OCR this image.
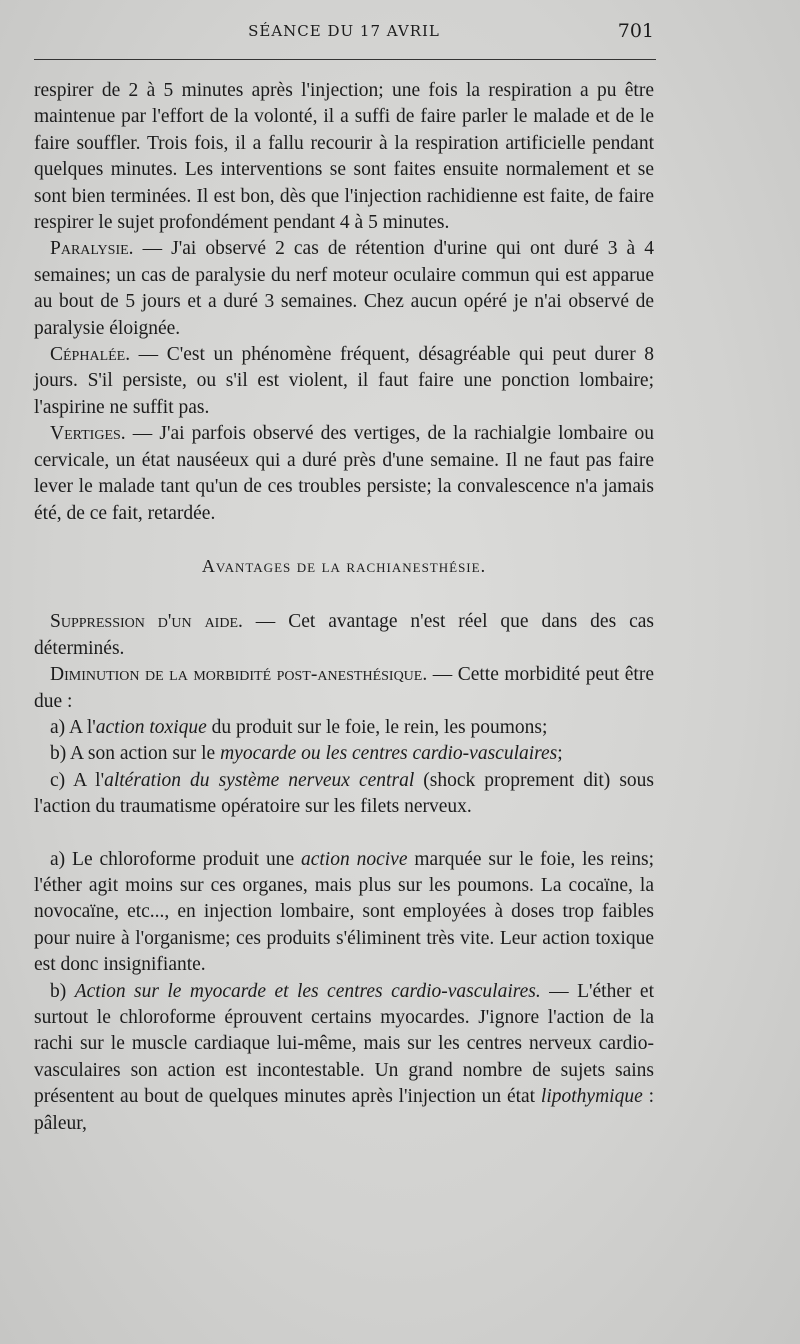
SÉANCE DU 17 AVRIL	701

respirer de 2 à 5 minutes après l'injection; une fois la respiration a pu être maintenue par l'effort de la volonté, il a suffi de faire parler le malade et de le faire souffler. Trois fois, il a fallu recourir à la respiration artificielle pendant quelques minutes. Les interventions se sont faites ensuite normalement et se sont bien terminées. Il est bon, dès que l'injection rachidienne est faite, de faire respirer le sujet profondément pendant 4 à 5 minutes.

Paralysie. — J'ai observé 2 cas de rétention d'urine qui ont duré 3 à 4 semaines; un cas de paralysie du nerf moteur oculaire commun qui est apparue au bout de 5 jours et a duré 3 semaines. Chez aucun opéré je n'ai observé de paralysie éloignée.

Céphalée. — C'est un phénomène fréquent, désagréable qui peut durer 8 jours. S'il persiste, ou s'il est violent, il faut faire une ponction lombaire; l'aspirine ne suffit pas.

Vertiges. — J'ai parfois observé des vertiges, de la rachialgie lombaire ou cervicale, un état nauséeux qui a duré près d'une semaine. Il ne faut pas faire lever le malade tant qu'un de ces troubles persiste; la convalescence n'a jamais été, de ce fait, retardée.

Avantages de la rachianesthésie.

Suppression d'un aide. — Cet avantage n'est réel que dans des cas déterminés.

Diminution de la morbidité post-anesthésique. — Cette morbidité peut être due :

a) A l'action toxique du produit sur le foie, le rein, les poumons;

b) A son action sur le myocarde ou les centres cardio-vasculaires;

c) A l'altération du système nerveux central (shock proprement dit) sous l'action du traumatisme opératoire sur les filets nerveux.

a) Le chloroforme produit une action nocive marquée sur le foie, les reins; l'éther agit moins sur ces organes, mais plus sur les poumons. La cocaïne, la novocaïne, etc..., en injection lombaire, sont employées à doses trop faibles pour nuire à l'organisme; ces produits s'éliminent très vite. Leur action toxique est donc insignifiante.

b) Action sur le myocarde et les centres cardio-vasculaires. — L'éther et surtout le chloroforme éprouvent certains myocardes. J'ignore l'action de la rachi sur le muscle cardiaque lui-même, mais sur les centres nerveux cardio-vasculaires son action est incontestable. Un grand nombre de sujets sains présentent au bout de quelques minutes après l'injection un état lipothymique : pâleur,
